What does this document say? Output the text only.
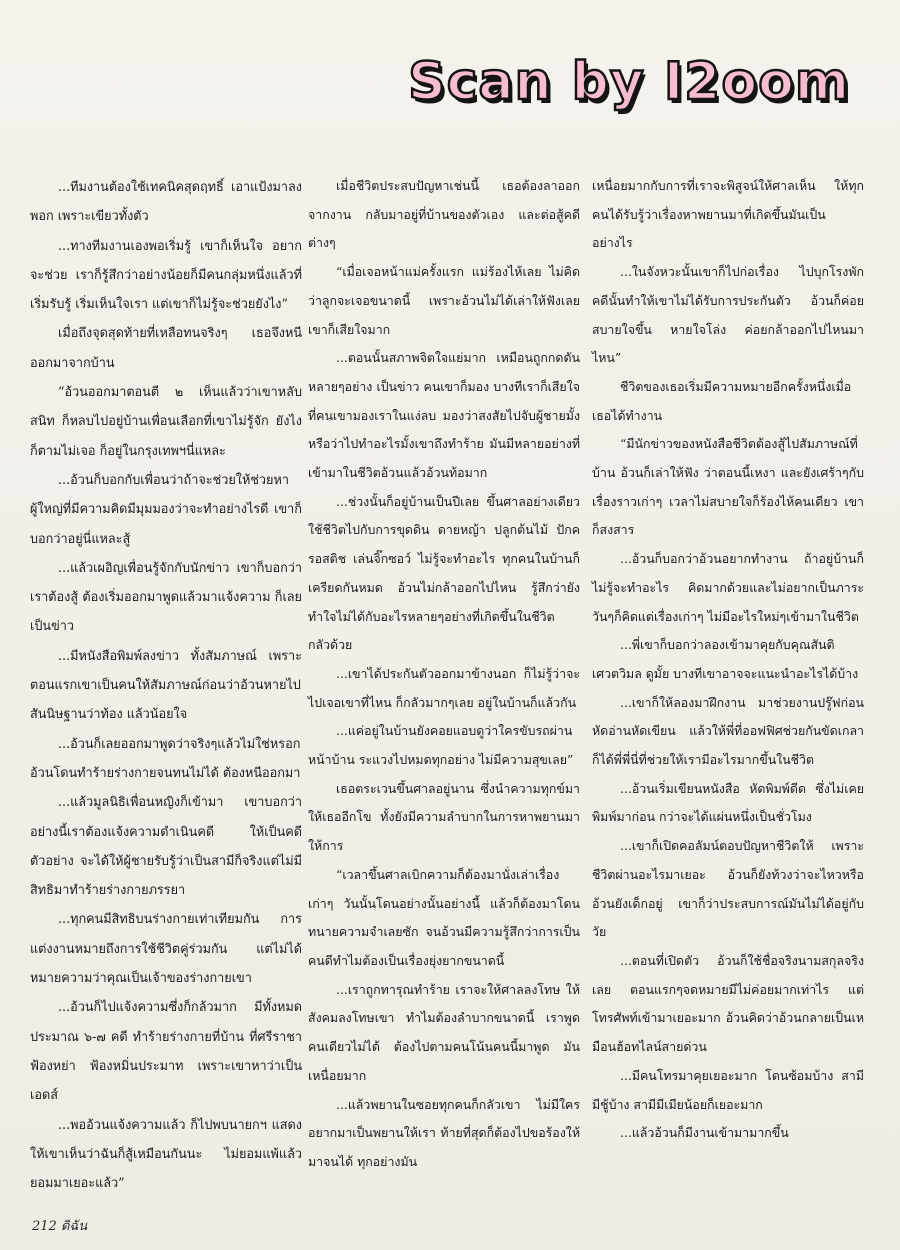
Scan by I2oom

...ทีมงานต้องใช้เทคนิคสุดฤทธิ์ เอาแป้งมาลงพอก เพราะเขียวทั้งตัว

...ทางทีมงานเองพอเริ่มรู้ เขาก็เห็นใจ อยากจะช่วย เราก็รู้สึกว่าอย่างน้อยก็มีคนกลุ่มหนึ่งแล้วที่เริ่มรับรู้ เริ่มเห็นใจเรา แต่เขาก็ไม่รู้จะช่วยยังไง”

เมื่อถึงจุดสุดท้ายที่เหลือทนจริงๆ เธอจึงหนีออกมาจากบ้าน

“อ้วนออกมาตอนตี ๒ เห็นแล้วว่าเขาหลับสนิท ก็หลบไปอยู่บ้านเพื่อนเลือกที่เขาไม่รู้จัก ยังไงก็ตามไม่เจอ ก็อยู่ในกรุงเทพฯนี่แหละ

...อ้วนก็บอกกับเพื่อนว่าถ้าจะช่วยให้ช่วยหาผู้ใหญ่ที่มีความคิดมีมุมมองว่าจะทำอย่างไรดี เขาก็บอกว่าอยู่นี่แหละสู้

...แล้วเผอิญเพื่อนรู้จักกับนักข่าว เขาก็บอกว่าเราต้องสู้ ต้องเริ่มออกมาพูดแล้วมาแจ้งความ ก็เลยเป็นข่าว

...มีหนังสือพิมพ์ลงข่าว ทั้งสัมภาษณ์ เพราะตอนแรกเขาเป็นคนให้สัมภาษณ์ก่อนว่าอ้วนหายไป สันนิษฐานว่าท้อง แล้วน้อยใจ

...อ้วนก็เลยออกมาพูดว่าจริงๆแล้วไม่ใช่หรอก อ้วนโดนทำร้ายร่างกายจนทนไม่ได้ ต้องหนีออกมา

...แล้วมูลนิธิเพื่อนหญิงก็เข้ามา เขาบอกว่าอย่างนี้เราต้องแจ้งความดำเนินคดี ให้เป็นคดีตัวอย่าง จะได้ให้ผู้ชายรับรู้ว่าเป็นสามีก็จริงแต่ไม่มีสิทธิมาทำร้ายร่างกายภรรยา

...ทุกคนมีสิทธิบนร่างกายเท่าเทียมกัน การแต่งงานหมายถึงการใช้ชีวิตคู่ร่วมกัน แต่ไม่ได้หมายความว่าคุณเป็นเจ้าของร่างกายเขา

...อ้วนก็ไปแจ้งความซึ่งก็กล้วมาก มีทั้งหมดประมาณ ๖-๗ คดี ทำร้ายร่างกายที่บ้าน ที่ศรีราชา ฟ้องหย่า ฟ้องหมิ่นประมาท เพราะเขาหาว่าเป็นเอดส์

...พออ้วนแจ้งความแล้ว ก็ไปพบนายกฯ แสดงให้เขาเห็นว่าฉันก็สู้เหมือนกันนะ ไม่ยอมแพ้แล้ว ยอมมาเยอะแล้ว”

เมื่อชีวิตประสบปัญหาเช่นนี้ เธอต้องลาออกจากงาน กลับมาอยู่ที่บ้านของตัวเอง และต่อสู้คดีต่างๆ

“เมื่อเจอหน้าแม่ครั้งแรก แม่ร้องไห้เลย ไม่คิดว่าลูกจะเจอขนาดนี้ เพราะอ้วนไม่ได้เล่าให้ฟังเลย เขาก็เสียใจมาก

...ตอนนั้นสภาพจิตใจแย่มาก เหมือนถูกกดดันหลายๆอย่าง เป็นข่าว คนเขาก็มอง บางทีเราก็เสียใจที่คนเขามองเราในแง่ลบ มองว่าสงสัยไปจับผู้ชายมั้ง หรือว่าไปทำอะไรมั้งเขาถึงทำร้าย มันมีหลายอย่างที่เข้ามาในชีวิตอ้วนแล้วอ้วนท้อมาก

...ช่วงนั้นก็อยู่บ้านเป็นปีเลย ขึ้นศาลอย่างเดียว ใช้ชีวิตไปกับการขุดดิน ดายหญ้า ปลูกต้นไม้ ปักครอสติช เล่นจิ๊กซอว์ ไม่รู้จะทำอะไร ทุกคนในบ้านก็เครียดกันหมด อ้วนไม่กล้าออกไปไหน รู้สึกว่ายังทำใจไม่ได้กับอะไรหลายๆอย่างที่เกิดขึ้นในชีวิต กลัวด้วย

...เขาได้ประกันตัวออกมาข้างนอก ก็ไม่รู้ว่าจะไปเจอเขาที่ไหน ก็กลัวมากๆเลย อยู่ในบ้านก็แล้วกัน

...แค่อยู่ในบ้านยังคอยแอบดูว่าใครขับรถผ่านหน้าบ้าน ระแวงไปหมดทุกอย่าง ไม่มีความสุขเลย”

เธอตระเวนขึ้นศาลอยู่นาน ซึ่งนำความทุกข์มาให้เธออีกโข ทั้งยังมีความลำบากในการหาพยานมาให้การ

“เวลาขึ้นศาลเบิกความก็ต้องมานั่งเล่าเรื่องเก่าๆ วันนั้นโดนอย่างนั้นอย่างนี้ แล้วก็ต้องมาโดนทนายความจำเลยซัก จนอ้วนมีความรู้สึกว่าการเป็นคนดีทำไมต้องเป็นเรื่องยุ่งยากขนาดนี้

...เราถูกทารุณทำร้าย เราจะให้ศาลลงโทษ ให้สังคมลงโทษเขา ทำไมต้องลำบากขนาดนี้ เราพูดคนเดียวไม่ได้ ต้องไปตามคนโน้นคนนี้มาพูด มันเหนื่อยมาก

...แล้วพยานในซอยทุกคนก็กลัวเขา ไม่มีใครอยากมาเป็นพยานให้เรา ท้ายที่สุดก็ต้องไปขอร้องให้มาจนได้ ทุกอย่างมัน

เหนื่อยมากกับการที่เราจะพิสูจน์ให้ศาลเห็น ให้ทุกคนได้รับรู้ว่าเรื่องหาพยานมาที่เกิดขึ้นมันเป็นอย่างไร

...ในจังหวะนั้นเขาก็ไปก่อเรื่อง ไปบุกโรงพัก คดีนั้นทำให้เขาไม่ได้รับการประกันตัว อ้วนก็ค่อยสบายใจขึ้น หายใจโล่ง ค่อยกล้าออกไปไหนมาไหน”

ชีวิตของเธอเริ่มมีความหมายอีกครั้งหนึ่งเมื่อเธอได้ทำงาน

“มีนักข่าวของหนังสือชีวิตต้องสู้ไปสัมภาษณ์ที่บ้าน อ้วนก็เล่าให้ฟัง ว่าตอนนี้เหงา และยังเศร้าๆกับเรื่องราวเก่าๆ เวลาไม่สบายใจก็ร้องไห้คนเดียว เขาก็สงสาร

...อ้วนก็บอกว่าอ้วนอยากทำงาน ถ้าอยู่บ้านก็ไม่รู้จะทำอะไร คิดมากด้วยและไม่อยากเป็นภาระ วันๆก็คิดแต่เรื่องเก่าๆ ไม่มีอะไรใหม่ๆเข้ามาในชีวิต

...พี่เขาก็บอกว่าลองเข้ามาคุยกับคุณสันติ เศวตวิมล ดูมั้ย บางทีเขาอาจจะแนะนำอะไรได้บ้าง

...เขาก็ให้ลองมาฝึกงาน มาช่วยงานปรู๊ฟก่อน หัดอ่านหัดเขียน แล้วให้พี่ที่ออฟฟิศช่วยกันขัดเกลา ก็ได้พี่พี่นี่ที่ช่วยให้เรามีอะไรมากขึ้นในชีวิต

...อ้วนเริ่มเขียนหนังสือ หัดพิมพ์ดีด ซึ่งไม่เคยพิมพ์มาก่อน กว่าจะได้แผ่นหนึ่งเป็นชั่วโมง

...เขาก็เปิดคอลัมน์ตอบปัญหาชีวิตให้ เพราะชีวิตผ่านอะไรมาเยอะ อ้วนก็ยังท้วงว่าจะไหวหรือ อ้วนยังเด็กอยู่ เขาก็ว่าประสบการณ์มันไม่ได้อยู่กับวัย

...ตอนที่เปิดตัว อ้วนก็ใช้ชื่อจริงนามสกุลจริงเลย ตอนแรกๆจดหมายมีไม่ค่อยมากเท่าไร แต่โทรศัพท์เข้ามาเยอะมาก อ้วนคิดว่าอ้วนกลายเป็นเหมือนฮ้อทไลน์สายด่วน

...มีคนโทรมาคุยเยอะมาก โดนซ้อมบ้าง สามีมีชู้บ้าง สามีมีเมียน้อยก็เยอะมาก

...แล้วอ้วนก็มีงานเข้ามามากขึ้น

212 ดิฉัน
